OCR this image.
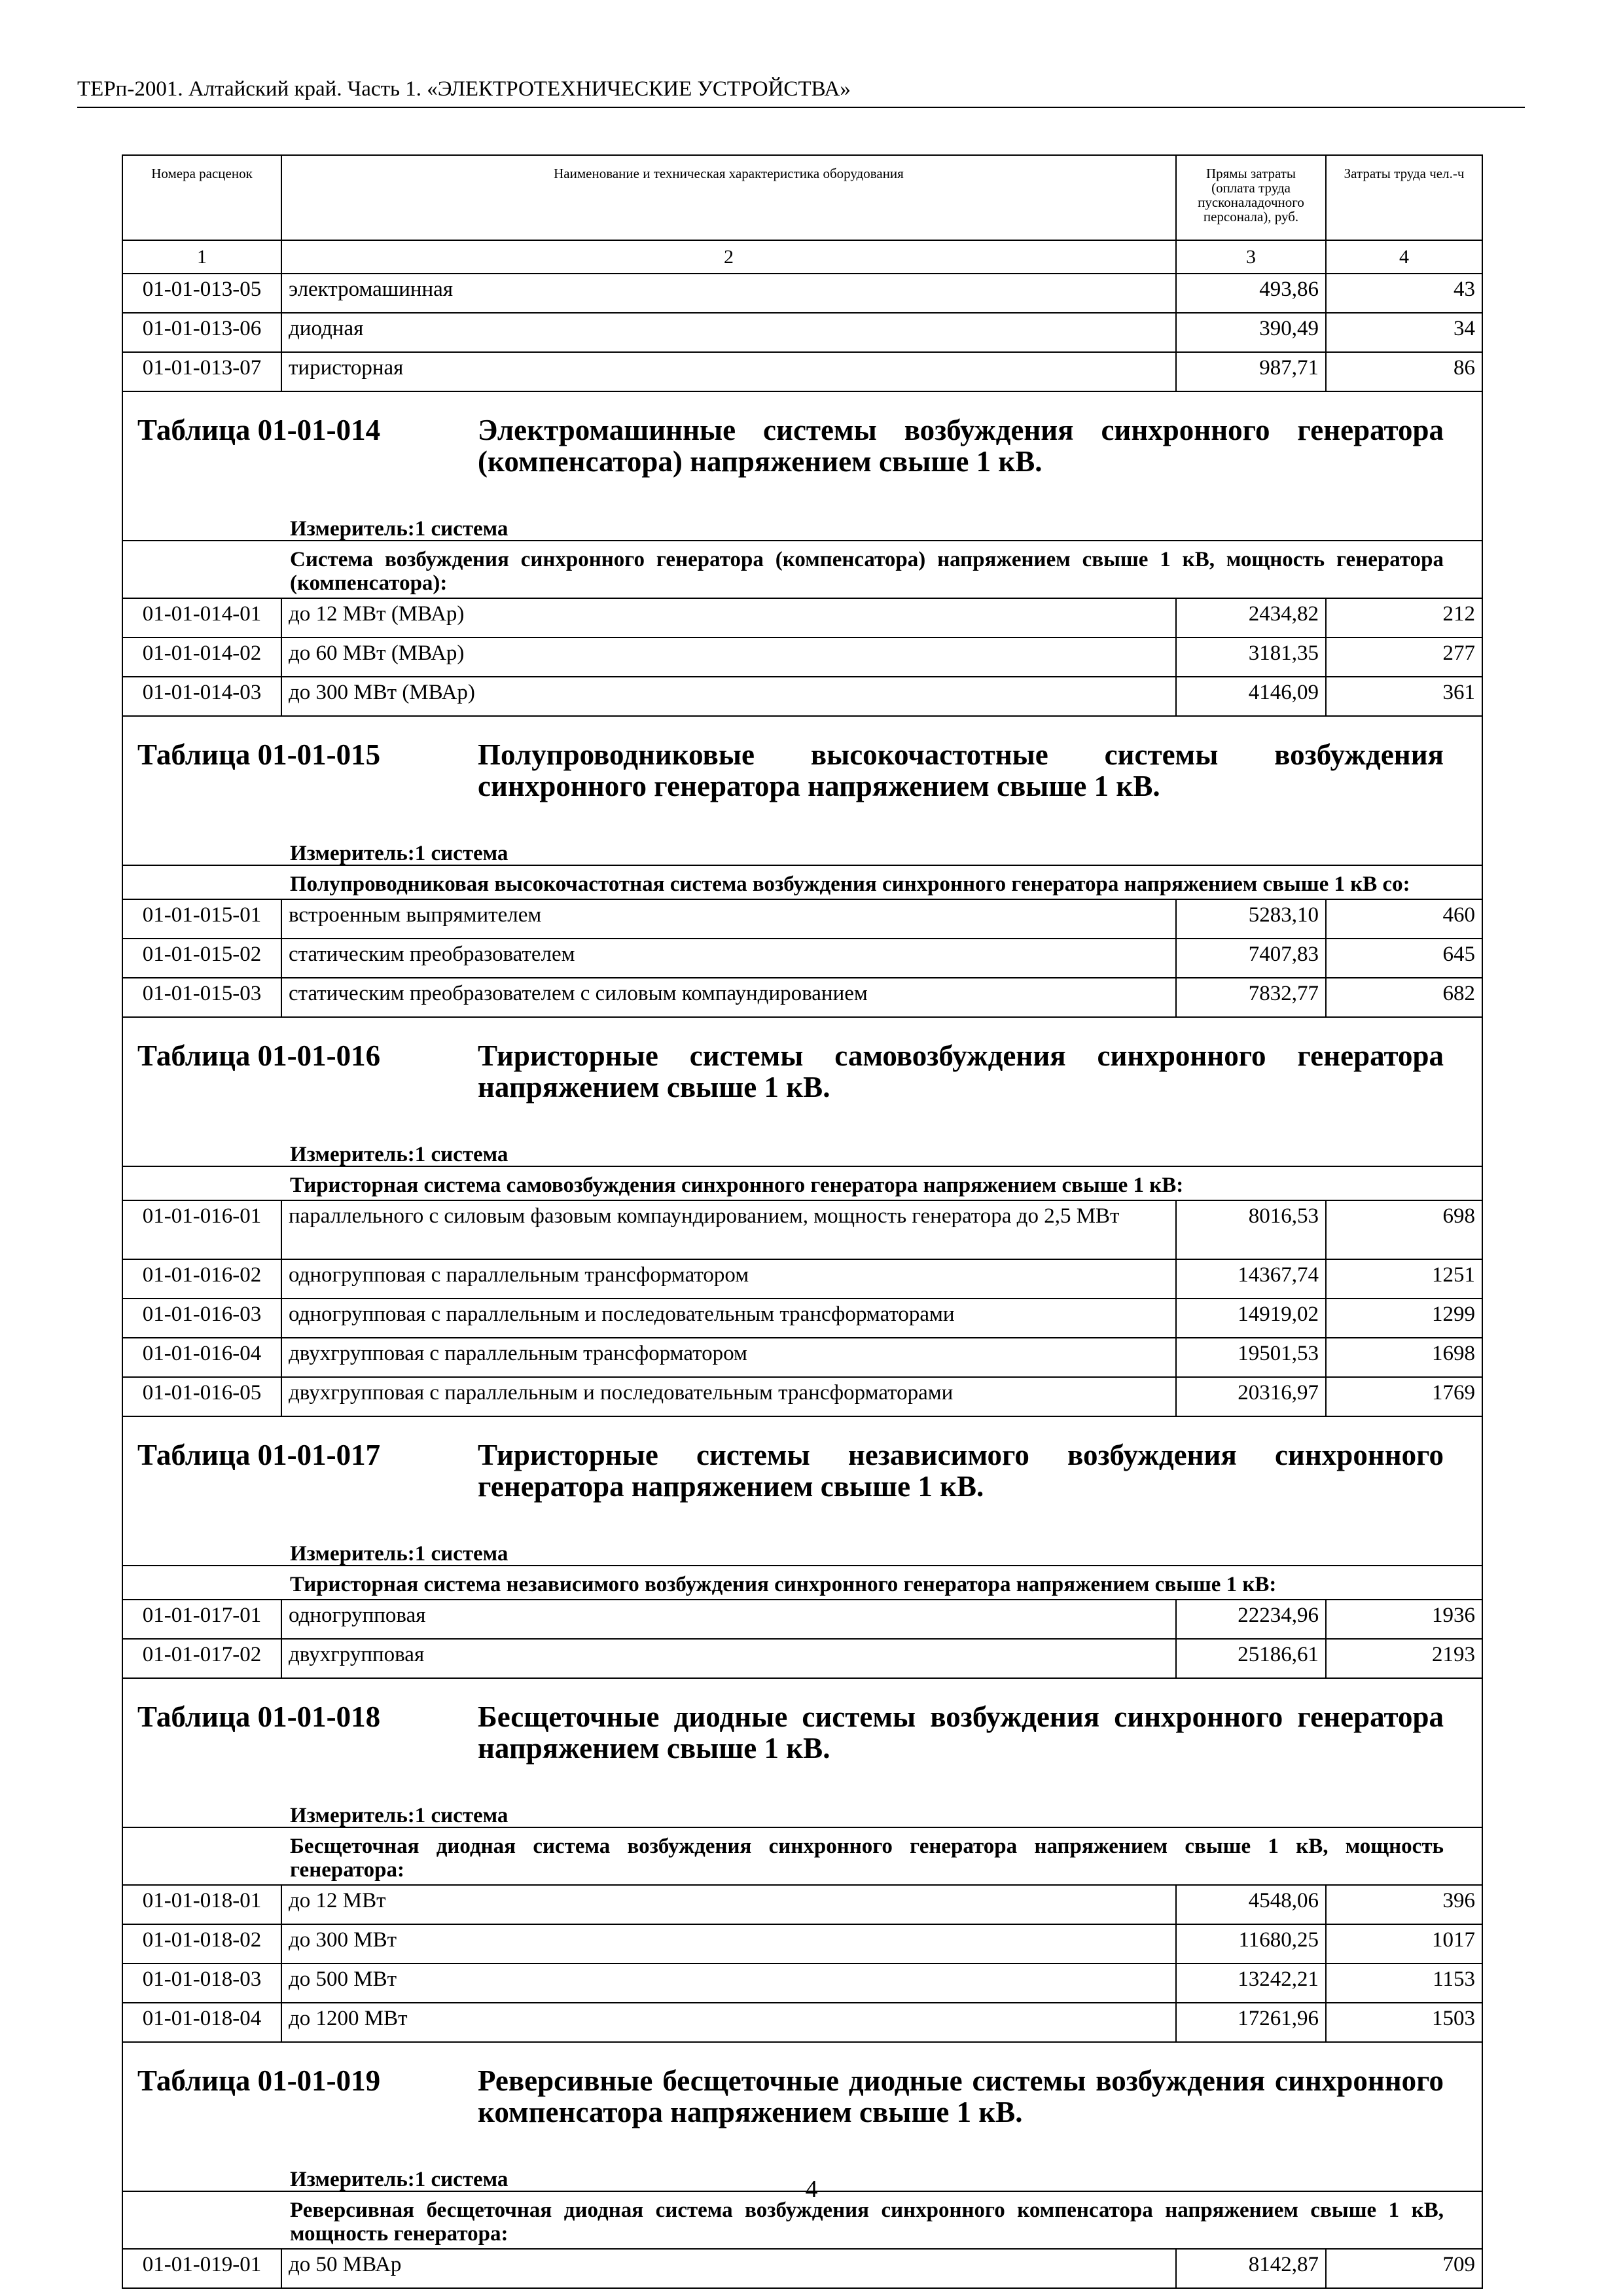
ТЕРп-2001. Алтайский край. Часть 1. «ЭЛЕКТРОТЕХНИЧЕСКИЕ УСТРОЙСТВА»
Номера расценок	Наименование и техническая характеристика оборудования	Прямы затраты (оплата труда пусконаладочного персонала), руб.	Затраты труда чел.-ч
1	2	3	4
01-01-013-05	электромашинная	493,86	43
01-01-013-06	диодная	390,49	34
01-01-013-07	тиристорная	987,71	86

Таблица 01-01-014 Электромашинные системы возбуждения синхронного генератора (компенсатора) напряжением свыше 1 кВ.			

Измеритель:1 система			
Система возбуждения синхронного генератора (компенсатора) напряжением свыше 1 кВ, мощность генератора (компенсатора):			
01-01-014-01	до 12 МВт (МВАр)	2434,82	212
01-01-014-02	до 60 МВт (МВАр)	3181,35	277
01-01-014-03	до 300 МВт (МВАр)	4146,09	361

Таблица 01-01-015 Полупроводниковые высокочастотные системы возбуждения синхронного генератора напряжением свыше 1 кВ.			

Измеритель:1 система			
Полупроводниковая высокочастотная система возбуждения синхронного генератора напряжением свыше 1 кВ со:			
01-01-015-01	встроенным выпрямителем	5283,10	460
01-01-015-02	статическим преобразователем	7407,83	645
01-01-015-03	статическим преобразователем с силовым компаундированием	7832,77	682

Таблица 01-01-016 Тиристорные системы самовозбуждения синхронного генератора напряжением свыше 1 кВ.			

Измеритель:1 система			
Тиристорная система самовозбуждения синхронного генератора напряжением свыше 1 кВ:			
01-01-016-01	параллельного с силовым фазовым компаундированием, мощность генератора до 2,5 МВт	8016,53	698
01-01-016-02	одногрупповая с параллельным трансформатором	14367,74	1251
01-01-016-03	одногрупповая с параллельным и последовательным трансформаторами	14919,02	1299
01-01-016-04	двухгрупповая с параллельным трансформатором	19501,53	1698
01-01-016-05	двухгрупповая с параллельным и последовательным трансформаторами	20316,97	1769

Таблица 01-01-017 Тиристорные системы независимого возбуждения синхронного генератора напряжением свыше 1 кВ.			

Измеритель:1 система			
Тиристорная система независимого возбуждения синхронного генератора напряжением свыше 1 кВ:			
01-01-017-01	одногрупповая	22234,96	1936
01-01-017-02	двухгрупповая	25186,61	2193

Таблица 01-01-018 Бесщеточные диодные системы возбуждения синхронного генератора напряжением свыше 1 кВ.			

Измеритель:1 система			
Бесщеточная диодная система возбуждения синхронного генератора напряжением свыше 1 кВ, мощность генератора:			
01-01-018-01	до 12 МВт	4548,06	396
01-01-018-02	до 300 МВт	11680,25	1017
01-01-018-03	до 500 МВт	13242,21	1153
01-01-018-04	до 1200 МВт	17261,96	1503

Таблица 01-01-019 Реверсивные бесщеточные диодные системы возбуждения синхронного компенсатора напряжением свыше 1 кВ.			

Измеритель:1 система			
Реверсивная бесщеточная диодная система возбуждения синхронного компенсатора напряжением свыше 1 кВ, мощность генератора:			
01-01-019-01	до 50 МВАр	8142,87	709
4
